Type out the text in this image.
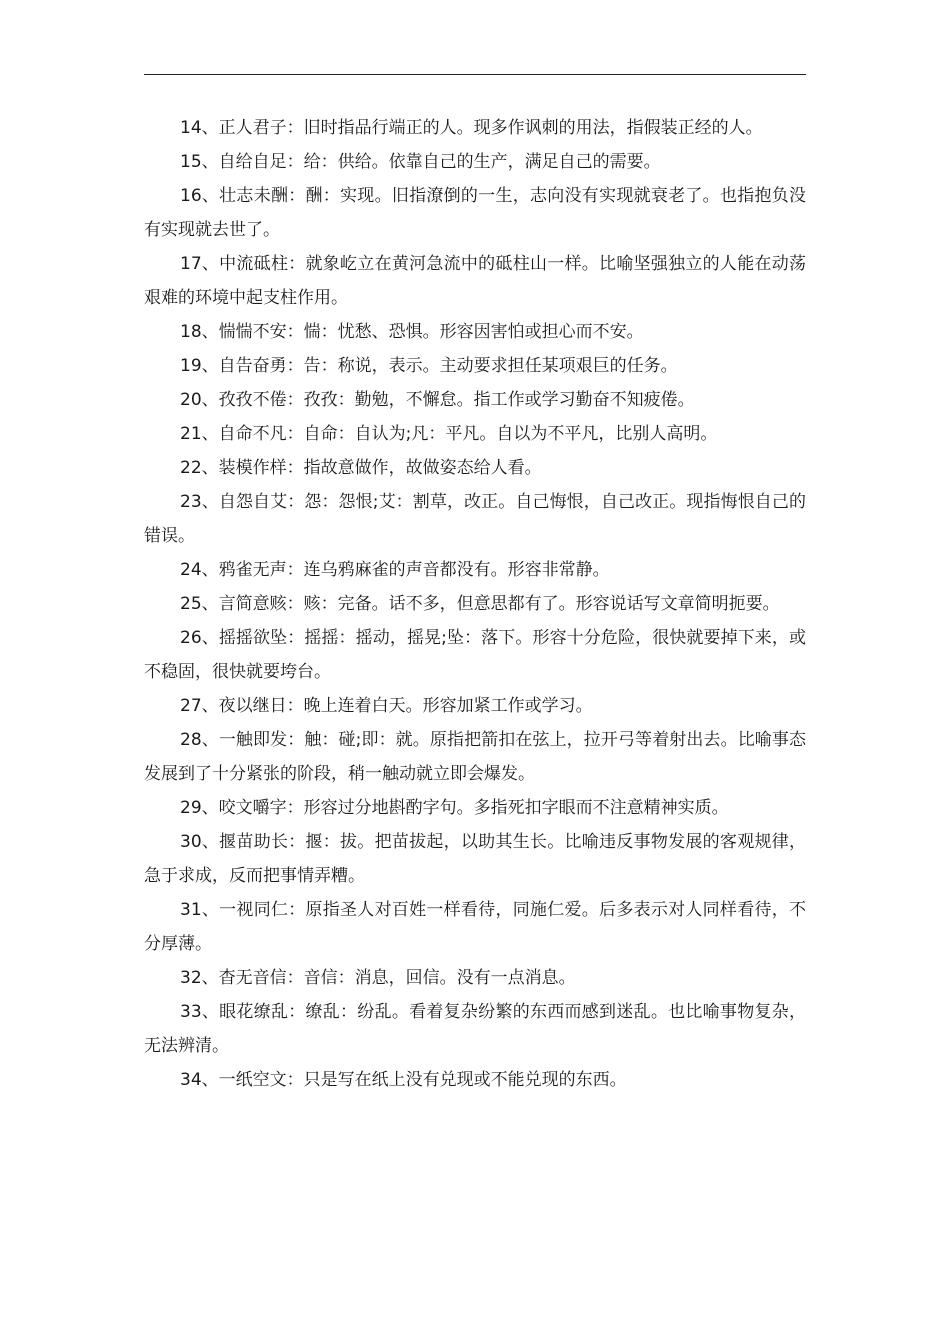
14、正人君子：旧时指品行端正的人。现多作讽刺的用法，指假装正经的人。

15、自给自足：给：供给。依靠自己的生产，满足自己的需要。

16、壮志未酬：酬：实现。旧指潦倒的一生，志向没有实现就衰老了。也指抱负没有实现就去世了。

17、中流砥柱：就象屹立在黄河急流中的砥柱山一样。比喻坚强独立的人能在动荡艰难的环境中起支柱作用。

18、惴惴不安：惴：忧愁、恐惧。形容因害怕或担心而不安。

19、自告奋勇：告：称说，表示。主动要求担任某项艰巨的任务。

20、孜孜不倦：孜孜：勤勉，不懈怠。指工作或学习勤奋不知疲倦。

21、自命不凡：自命：自认为;凡：平凡。自以为不平凡，比别人高明。

22、装模作样：指故意做作，故做姿态给人看。

23、自怨自艾：怨：怨恨;艾：割草，改正。自己悔恨，自己改正。现指悔恨自己的错误。

24、鸦雀无声：连乌鸦麻雀的声音都没有。形容非常静。

25、言简意赅：赅：完备。话不多，但意思都有了。形容说话写文章简明扼要。

26、摇摇欲坠：摇摇：摇动，摇晃;坠：落下。形容十分危险，很快就要掉下来，或不稳固，很快就要垮台。

27、夜以继日：晚上连着白天。形容加紧工作或学习。

28、一触即发：触：碰;即：就。原指把箭扣在弦上，拉开弓等着射出去。比喻事态发展到了十分紧张的阶段，稍一触动就立即会爆发。

29、咬文嚼字：形容过分地斟酌字句。多指死扣字眼而不注意精神实质。

30、揠苗助长：揠：拔。把苗拔起，以助其生长。比喻违反事物发展的客观规律，急于求成，反而把事情弄糟。

31、一视同仁：原指圣人对百姓一样看待，同施仁爱。后多表示对人同样看待，不分厚薄。

32、杳无音信：音信：消息，回信。没有一点消息。

33、眼花缭乱：缭乱：纷乱。看着复杂纷繁的东西而感到迷乱。也比喻事物复杂，无法辨清。

34、一纸空文：只是写在纸上没有兑现或不能兑现的东西。
